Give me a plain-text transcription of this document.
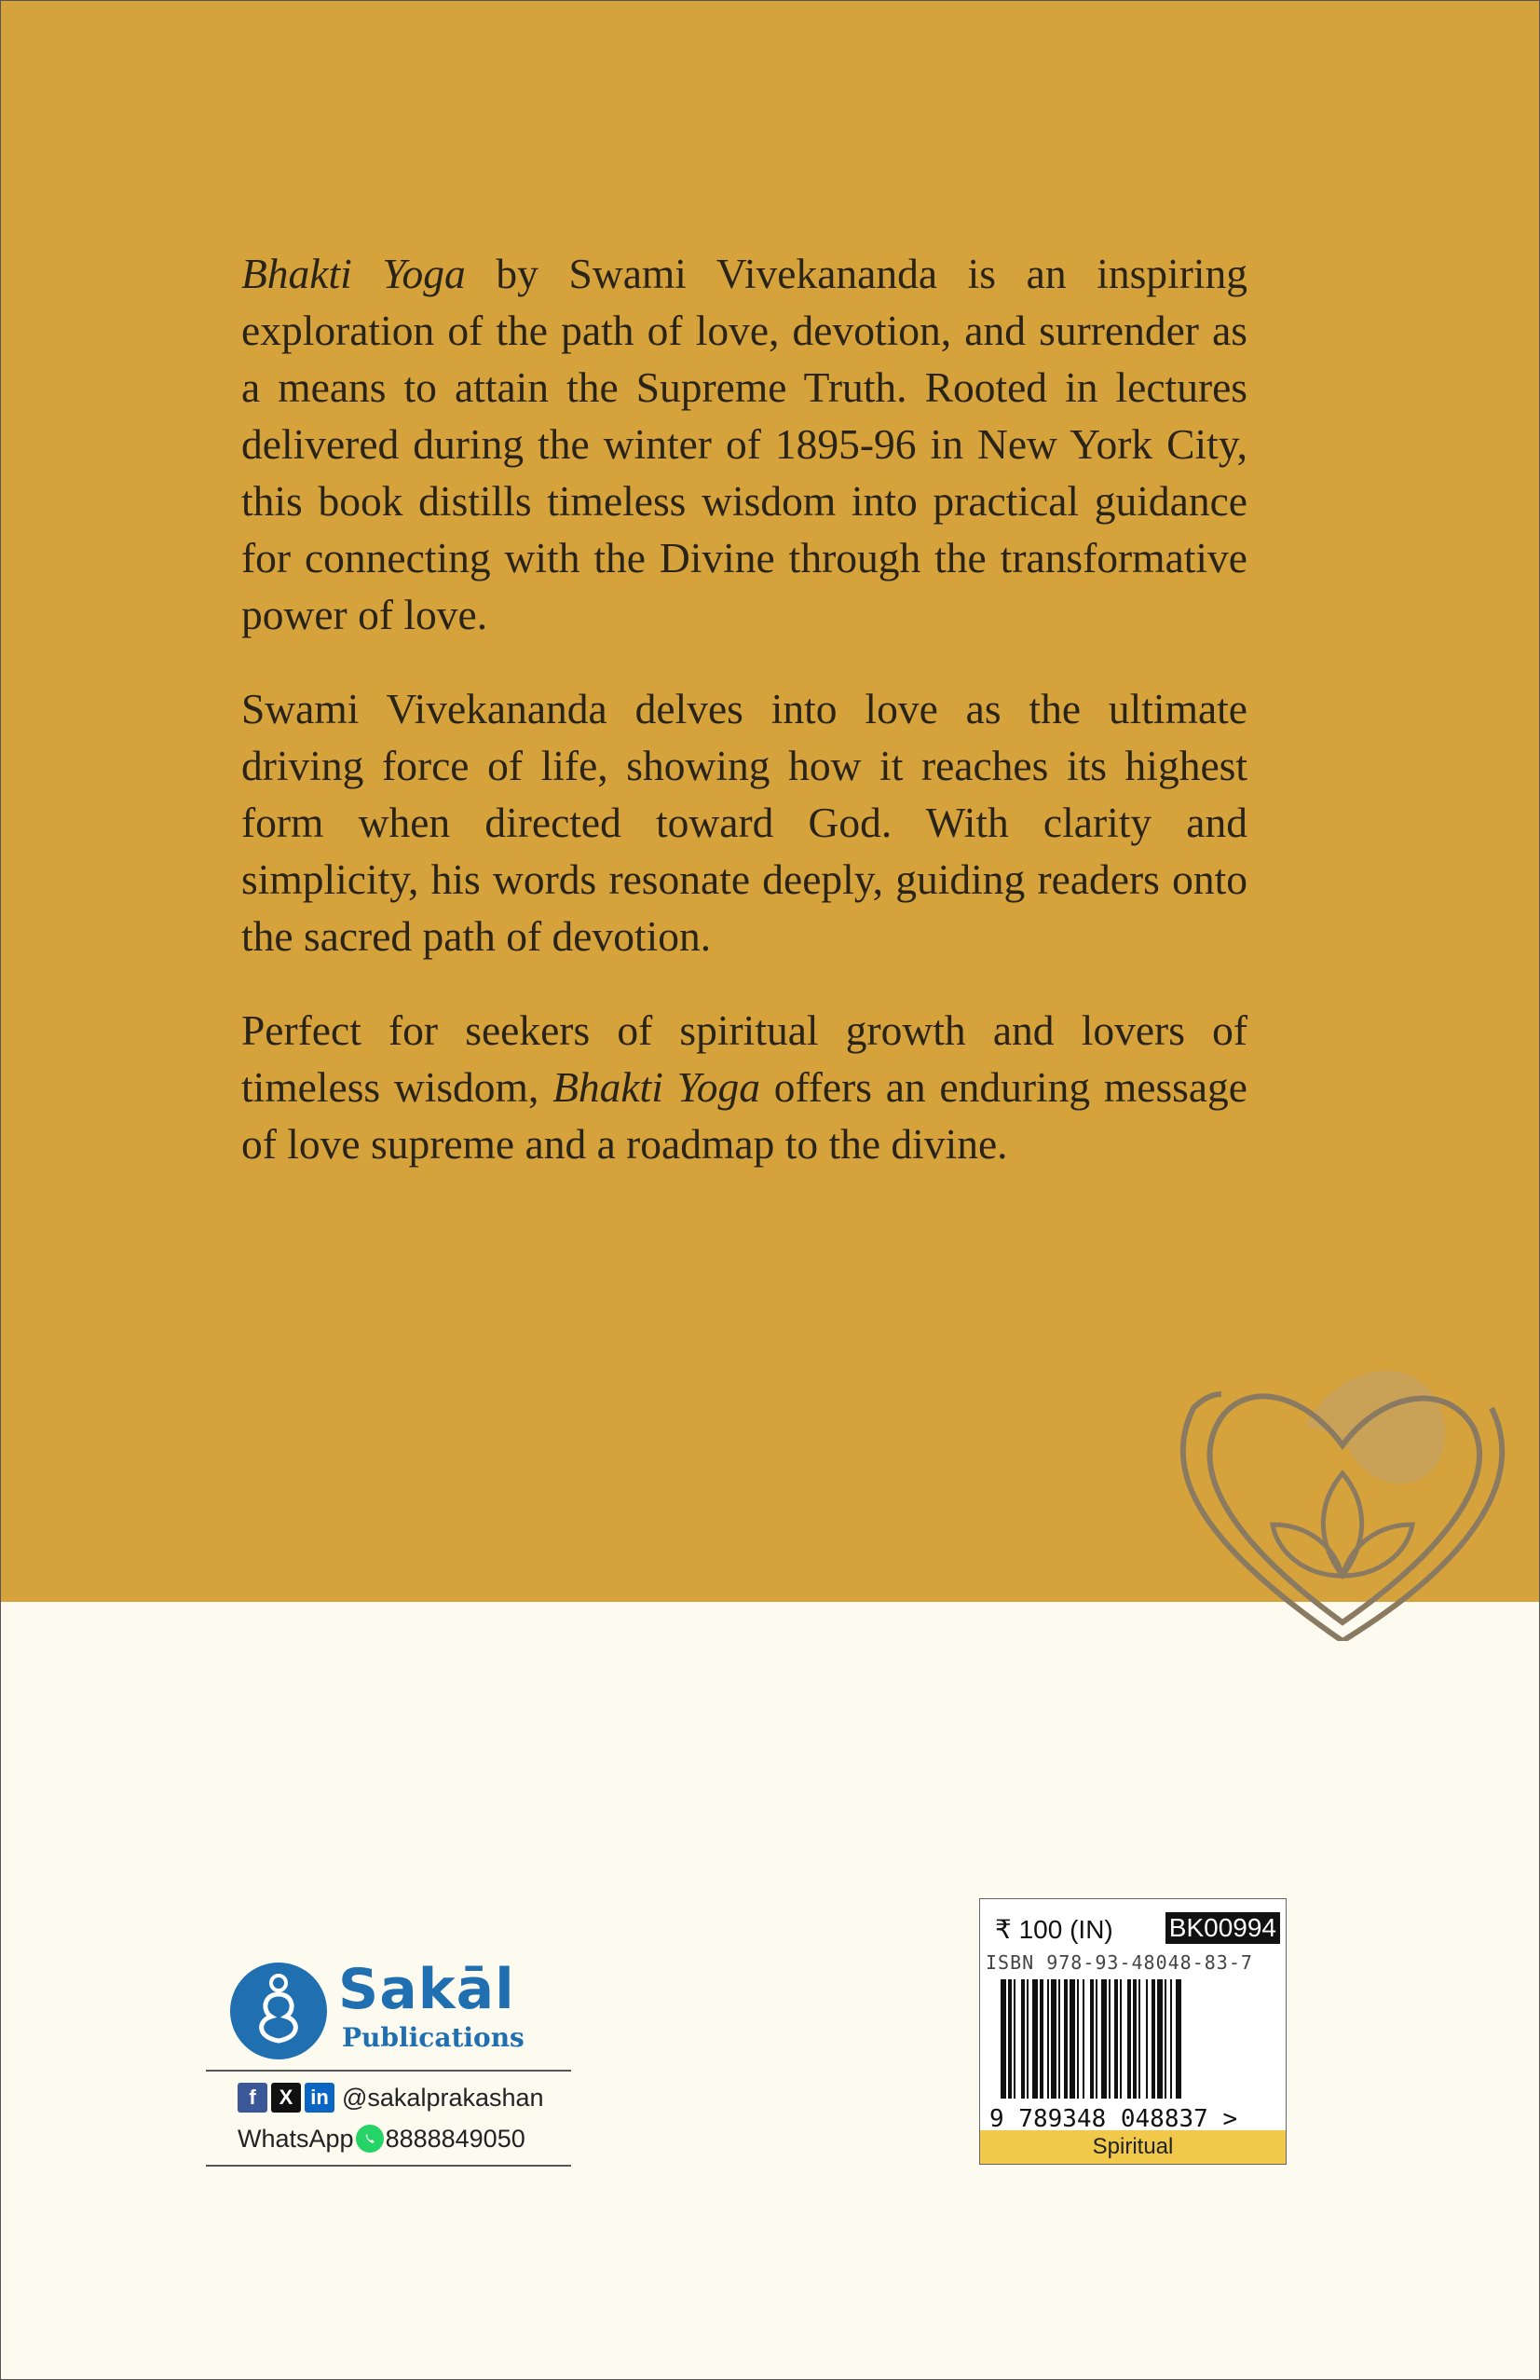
Bhakti Yoga by Swami Vivekananda is an inspiring exploration of the path of love, devotion, and surrender as a means to attain the Supreme Truth. Rooted in lectures delivered during the winter of 1895-96 in New York City, this book distills timeless wisdom into practical guidance for connecting with the Divine through the transformative power of love.

Swami Vivekananda delves into love as the ultimate driving force of life, showing how it reaches its highest form when directed toward God. With clarity and simplicity, his words resonate deeply, guiding readers onto the sacred path of devotion.

Perfect for seekers of spiritual growth and lovers of timeless wisdom, Bhakti Yoga offers an enduring message of love supreme and a roadmap to the divine.

Sakāl
Publications
f	X in @sakalprakashan
WhatsApp 8888849050
₹ 100 (IN) BK00994
ISBN 978-93-48048-83-7
9 789348 048837 >
Spiritual
